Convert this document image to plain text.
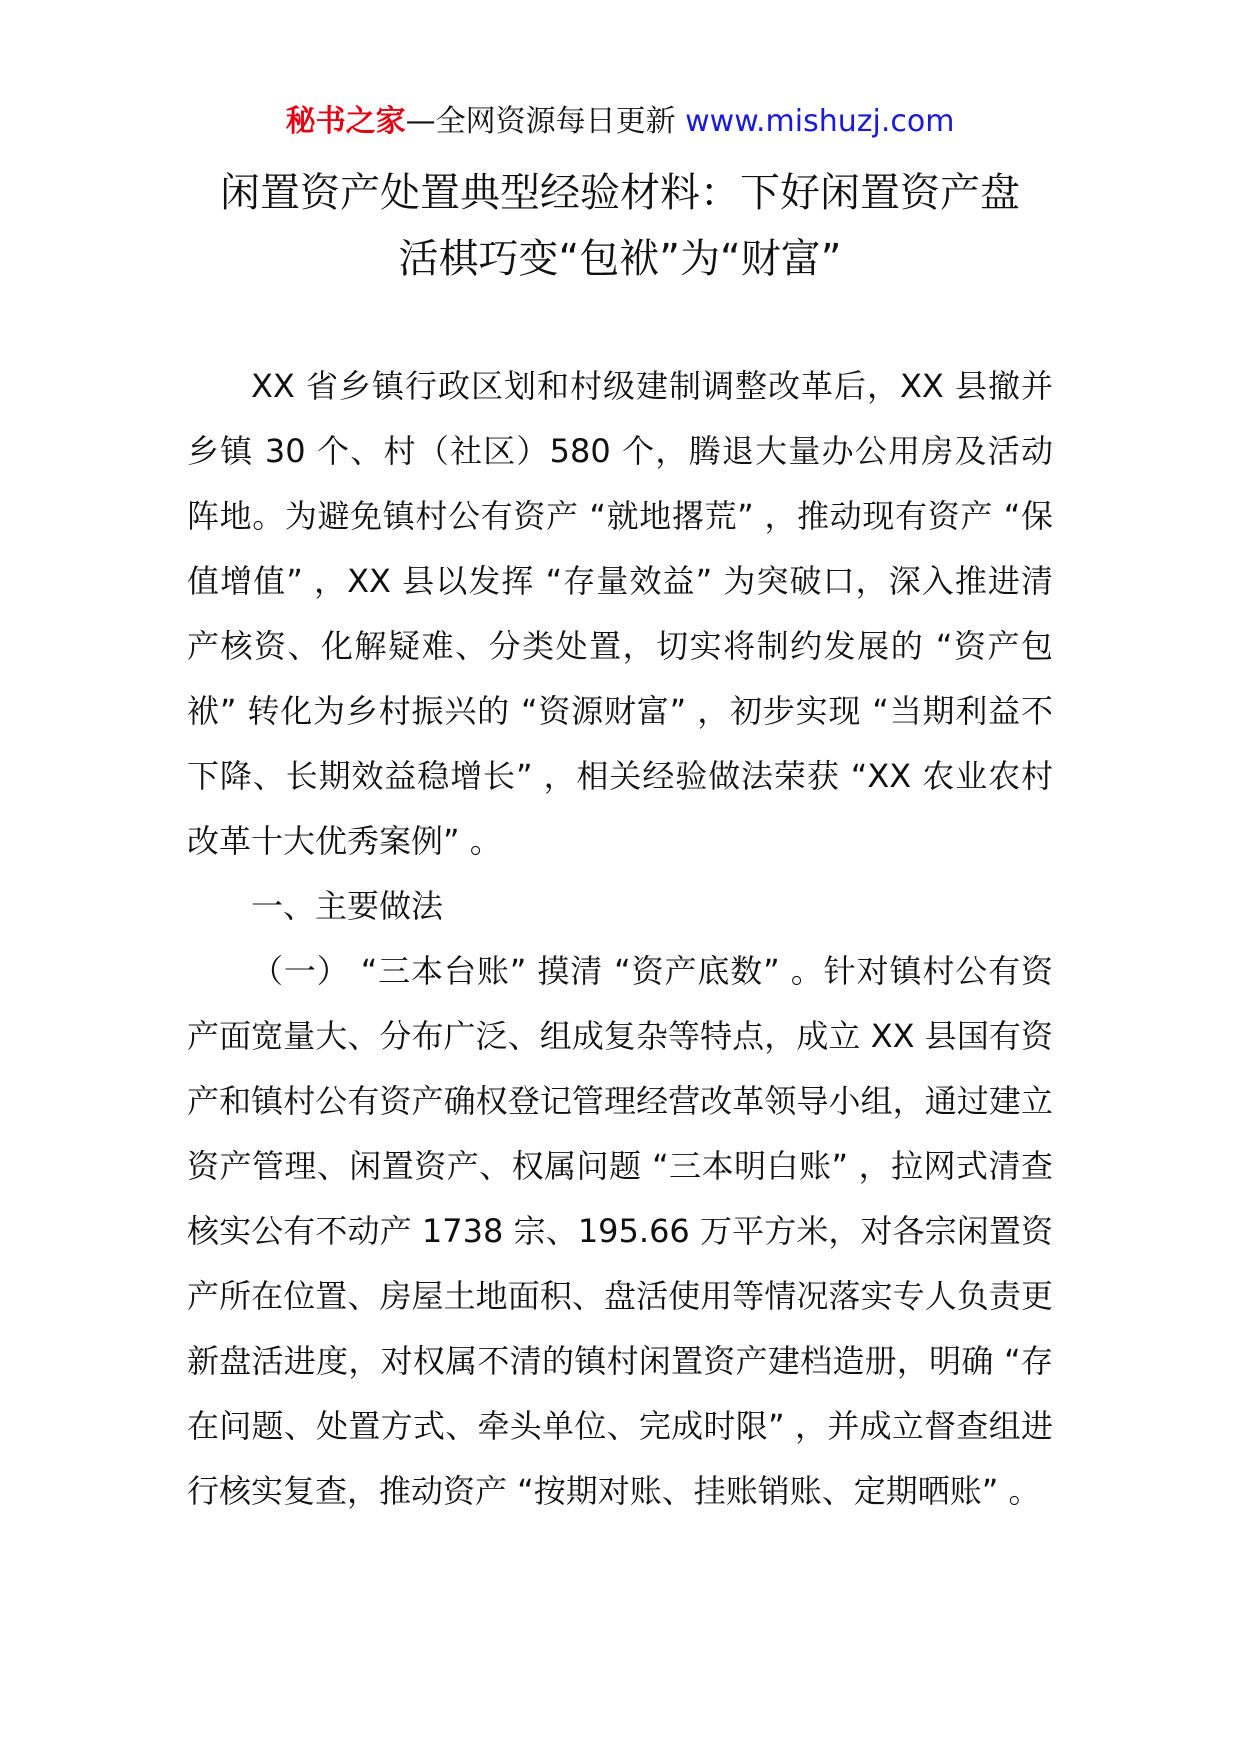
秘书之家—全网资源每日更新 www.mishuzj.com
闲置资产处置典型经验材料：下好闲置资产盘
活棋巧变“包袱”为“财富”

XX 省乡镇行政区划和村级建制调整改革后，XX 县撤并乡镇 30 个、村（社区）580 个，腾退大量办公用房及活动阵地。为避免镇村公有资产 “就地撂荒” ，推动现有资产 “保值增值” ，XX 县以发挥 “存量效益” 为突破口，深入推进清产核资、化解疑难、分类处置，切实将制约发展的 “资产包袱” 转化为乡村振兴的 “资源财富” ，初步实现 “当期利益不下降、长期效益稳增长” ，相关经验做法荣获 “XX 农业农村改革十大优秀案例” 。

一、主要做法

（一） “三本台账” 摸清 “资产底数” 。针对镇村公有资产面宽量大、分布广泛、组成复杂等特点，成立 XX 县国有资产和镇村公有资产确权登记管理经营改革领导小组，通过建立资产管理、闲置资产、权属问题 “三本明白账” ，拉网式清查核实公有不动产 1738 宗、195.66 万平方米，对各宗闲置资产所在位置、房屋土地面积、盘活使用等情况落实专人负责更新盘活进度，对权属不清的镇村闲置资产建档造册，明确 “存在问题、处置方式、牵头单位、完成时限” ，并成立督查组进行核实复查，推动资产 “按期对账、挂账销账、定期晒账” 。
